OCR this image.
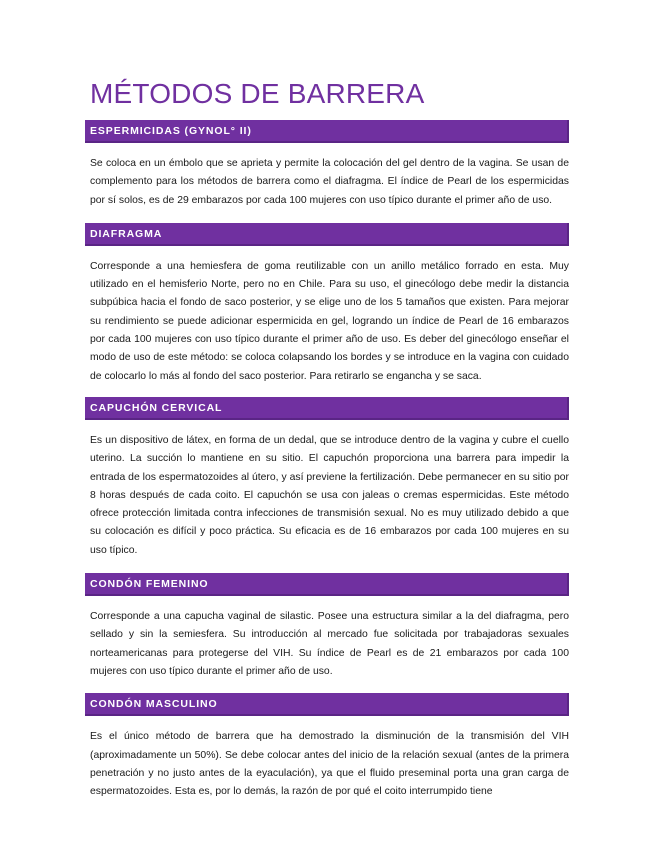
MÉTODOS DE BARRERA
ESPERMICIDAS (GYNOL° II)

Se coloca en un émbolo que se aprieta y permite la colocación del gel dentro de la vagina. Se usan de complemento para los métodos de barrera como el diafragma. El índice de Pearl de los espermicidas por sí solos, es de 29 embarazos por cada 100 mujeres con uso típico durante el primer año de uso.

DIAFRAGMA

Corresponde a una hemiesfera de goma reutilizable con un anillo metálico forrado en esta. Muy utilizado en el hemisferio Norte, pero no en Chile. Para su uso, el ginecólogo debe medir la distancia subpúbica hacia el fondo de saco posterior, y se elige uno de los 5 tamaños que existen. Para mejorar su rendimiento se puede adicionar espermicida en gel, logrando un índice de Pearl de 16 embarazos por cada 100 mujeres con uso típico durante el primer año de uso. Es deber del ginecólogo enseñar el modo de uso de este método: se coloca colapsando los bordes y se introduce en la vagina con cuidado de colocarlo lo más al fondo del saco posterior. Para retirarlo se engancha y se saca.

CAPUCHÓN CERVICAL

Es un dispositivo de látex, en forma de un dedal, que se introduce dentro de la vagina y cubre el cuello uterino. La succión lo mantiene en su sitio. El capuchón proporciona una barrera para impedir la entrada de los espermatozoides al útero, y así previene la fertilización. Debe permanecer en su sitio por 8 horas después de cada coito. El capuchón se usa con jaleas o cremas espermicidas. Este método ofrece protección limitada contra infecciones de transmisión sexual. No es muy utilizado debido a que su colocación es difícil y poco práctica. Su eficacia es de 16 embarazos por cada 100 mujeres en su uso típico.

CONDÓN FEMENINO

Corresponde a una capucha vaginal de silastic. Posee una estructura similar a la del diafragma, pero sellado y sin la semiesfera. Su introducción al mercado fue solicitada por trabajadoras sexuales norteamericanas para protegerse del VIH. Su índice de Pearl es de 21 embarazos por cada 100 mujeres con uso típico durante el primer año de uso.

CONDÓN MASCULINO

Es el único método de barrera que ha demostrado la disminución de la transmisión del VIH (aproximadamente un 50%). Se debe colocar antes del inicio de la relación sexual (antes de la primera penetración y no justo antes de la eyaculación), ya que el fluido preseminal porta una gran carga de espermatozoides. Esta es, por lo demás, la razón de por qué el coito interrumpido tiene
